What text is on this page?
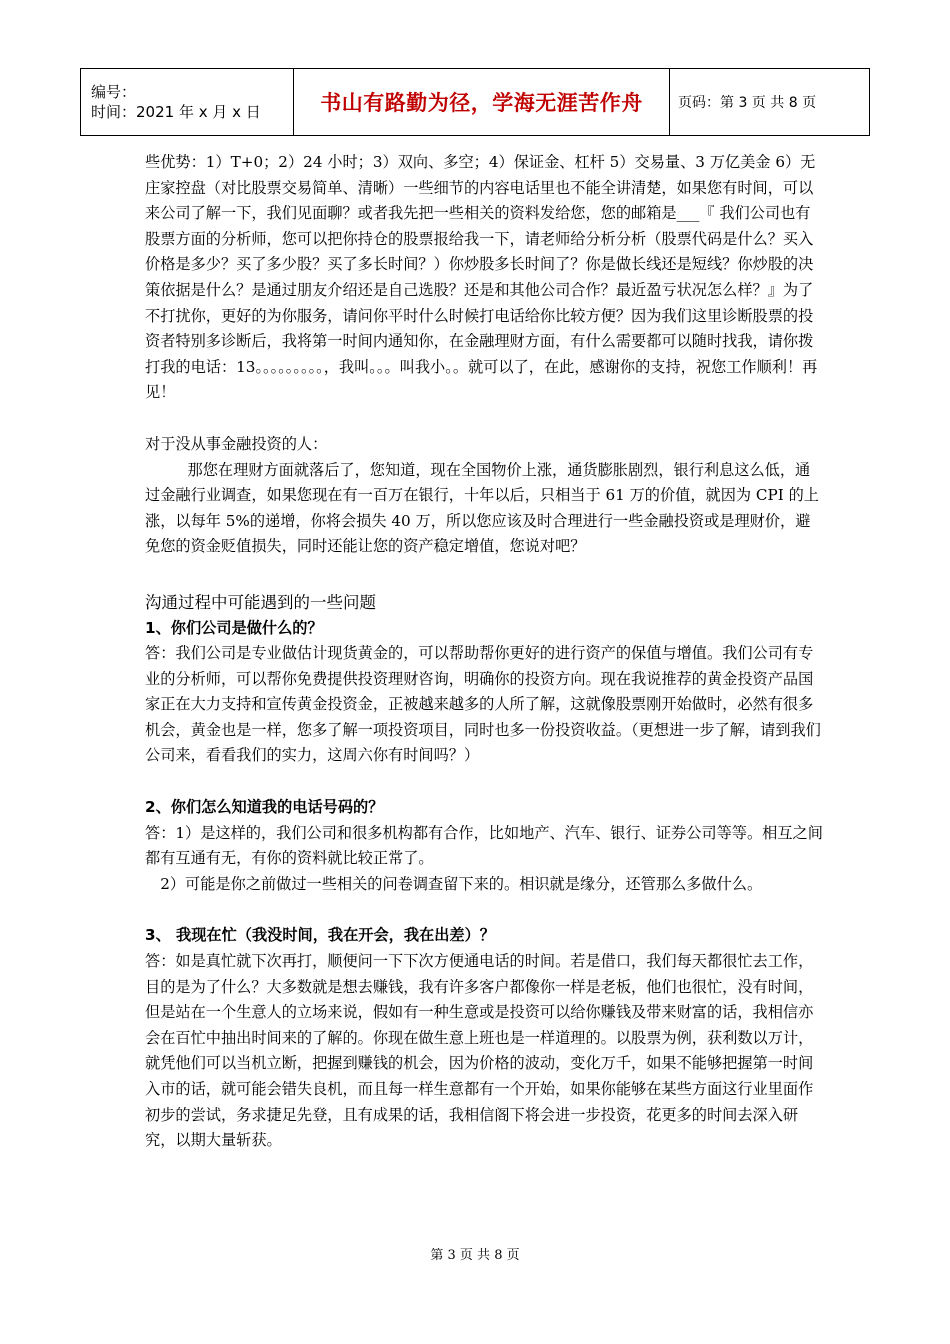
编号：
时间：2021 年 x 月 x 日	书山有路勤为径，学海无涯苦作舟	页码：第 3 页 共 8 页

些优势：1）T+0；2）24 小时；3）双向、多空；4）保证金、杠杆 5）交易量、3 万亿美金 6）无庄家控盘（对比股票交易简单、清晰）一些细节的内容电话里也不能全讲清楚，如果您有时间，可以来公司了解一下，我们见面聊？或者我先把一些相关的资料发给您，您的邮箱是___『 我们公司也有股票方面的分析师，您可以把你持仓的股票报给我一下，请老师给分析分析（股票代码是什么？买入价格是多少？买了多少股？买了多长时间？）你炒股多长时间了？你是做长线还是短线？你炒股的决策依据是什么？是通过朋友介绍还是自己选股？还是和其他公司合作？最近盈亏状况怎么样？』为了不打扰你，更好的为你服务，请问你平时什么时候打电话给你比较方便？因为我们这里诊断股票的投资者特别多诊断后，我将第一时间内通知你，在金融理财方面，有什么需要都可以随时找我，请你拨打我的电话：13。。。。。。。。。，我叫。。。叫我小。。就可以了，在此，感谢你的支持，祝您工作顺利！再见！

对于没从事金融投资的人：

那您在理财方面就落后了，您知道，现在全国物价上涨，通货膨胀剧烈，银行利息这么低，通过金融行业调查，如果您现在有一百万在银行，十年以后，只相当于 61 万的价值，就因为 CPI 的上涨，以每年 5%的递增，你将会损失 40 万，所以您应该及时合理进行一些金融投资或是理财价，避免您的资金贬值损失，同时还能让您的资产稳定增值，您说对吧？

沟通过程中可能遇到的一些问题

1、你们公司是做什么的？

答：我们公司是专业做估计现货黄金的，可以帮助帮你更好的进行资产的保值与增值。我们公司有专业的分析师，可以帮你免费提供投资理财咨询，明确你的投资方向。现在我说推荐的黄金投资产品国家正在大力支持和宣传黄金投资金，正被越来越多的人所了解，这就像股票刚开始做时，必然有很多机会，黄金也是一样，您多了解一项投资项目，同时也多一份投资收益。（更想进一步了解，请到我们公司来，看看我们的实力，这周六你有时间吗？）

2、你们怎么知道我的电话号码的？

答：1）是这样的，我们公司和很多机构都有合作，比如地产、汽车、银行、证券公司等等。相互之间都有互通有无，有你的资料就比较正常了。

2）可能是你之前做过一些相关的问卷调查留下来的。相识就是缘分，还管那么多做什么。

3、 我现在忙（我没时间，我在开会，我在出差）？

答：如是真忙就下次再打，顺便问一下下次方便通电话的时间。若是借口，我们每天都很忙去工作，目的是为了什么？大多数就是想去赚钱，我有许多客户都像你一样是老板，他们也很忙，没有时间，但是站在一个生意人的立场来说，假如有一种生意或是投资可以给你赚钱及带来财富的话，我相信亦会在百忙中抽出时间来的了解的。你现在做生意上班也是一样道理的。以股票为例，获利数以万计，就凭他们可以当机立断，把握到赚钱的机会，因为价格的波动，变化万千，如果不能够把握第一时间入市的话，就可能会错失良机，而且每一样生意都有一个开始，如果你能够在某些方面这行业里面作初步的尝试，务求捷足先登，且有成果的话，我相信阁下将会进一步投资，花更多的时间去深入研究，以期大量斩获。

第 3 页 共 8 页
